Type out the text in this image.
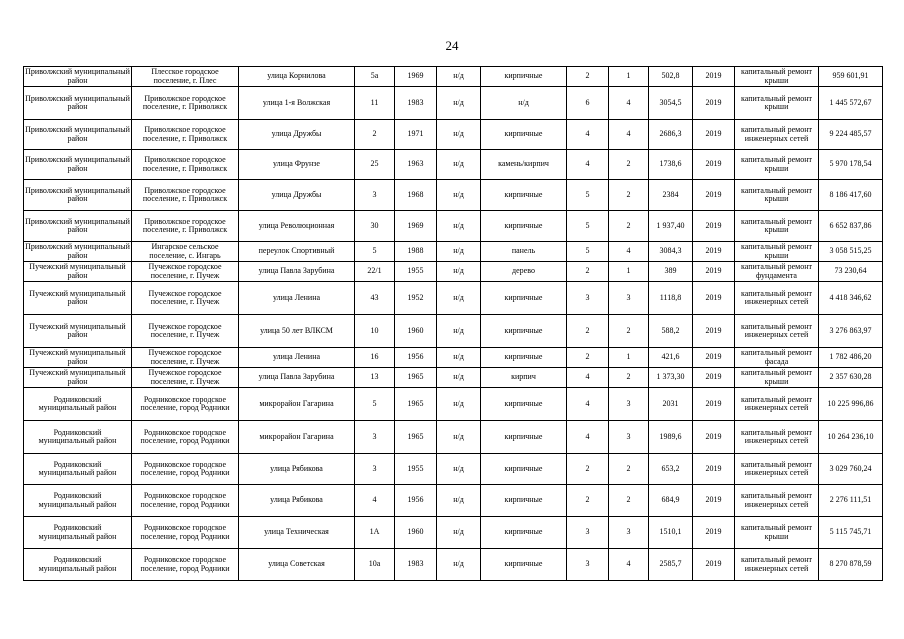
24
Приволжский муниципальный район	Плесское городское поселение, г. Плес	улица Корнилова	5а	1969	н/д	кирпичные	2	1	502,8	2019	капитальный ремонт крыши	959 601,91
Приволжский муниципальный район	Приволжское городское поселение, г. Приволжск	улица 1-я Волжская	11	1983	н/д	н/д	6	4	3054,5	2019	капитальный ремонт крыши	1 445 572,67
Приволжский муниципальный район	Приволжское городское поселение, г. Приволжск	улица Дружбы	2	1971	н/д	кирпичные	4	4	2686,3	2019	капитальный ремонт инженерных сетей	9 224 485,57
Приволжский муниципальный район	Приволжское городское поселение, г. Приволжск	улица Фрунзе	25	1963	н/д	камень/кирпич	4	2	1738,6	2019	капитальный ремонт крыши	5 970 178,54
Приволжский муниципальный район	Приволжское городское поселение, г. Приволжск	улица Дружбы	3	1968	н/д	кирпичные	5	2	2384	2019	капитальный ремонт крыши	8 186 417,60
Приволжский муниципальный район	Приволжское городское поселение, г. Приволжск	улица Революционная	30	1969	н/д	кирпичные	5	2	1 937,40	2019	капитальный ремонт крыши	6 652 837,86
Приволжский муниципальный район	Ингарское сельское поселение, с. Ингарь	переулок Спортивный	5	1988	н/д	панель	5	4	3084,3	2019	капитальный ремонт крыши	3 058 515,25
Пучежский муниципальный район	Пучежское городское поселение, г. Пучеж	улица Павла Зарубина	22/1	1955	н/д	дерево	2	1	389	2019	капитальный ремонт фундамента	73 230,64
Пучежский муниципальный район	Пучежское городское поселение, г. Пучеж	улица Ленина	43	1952	н/д	кирпичные	3	3	1118,8	2019	капитальный ремонт инженерных сетей	4 418 346,62
Пучежский муниципальный район	Пучежское городское поселение, г. Пучеж	улица 50 лет ВЛКСМ	10	1960	н/д	кирпичные	2	2	588,2	2019	капитальный ремонт инженерных сетей	3 276 863,97
Пучежский муниципальный район	Пучежское городское поселение, г. Пучеж	улица Ленина	16	1956	н/д	кирпичные	2	1	421,6	2019	капитальный ремонт фасада	1 782 486,20
Пучежский муниципальный район	Пучежское городское поселение, г. Пучеж	улица Павла Зарубина	13	1965	н/д	кирпич	4	2	1 373,30	2019	капитальный ремонт крыши	2 357 630,28
Родниковский муниципальный район	Родниковское городское поселение, город Родники	микрорайон Гагарина	5	1965	н/д	кирпичные	4	3	2031	2019	капитальный ремонт инженерных сетей	10 225 996,86
Родниковский муниципальный район	Родниковское городское поселение, город Родники	микрорайон Гагарина	3	1965	н/д	кирпичные	4	3	1989,6	2019	капитальный ремонт инженерных сетей	10 264 236,10
Родниковский муниципальный район	Родниковское городское поселение, город Родники	улица Рябикова	3	1955	н/д	кирпичные	2	2	653,2	2019	капитальный ремонт инженерных сетей	3 029 760,24
Родниковский муниципальный район	Родниковское городское поселение, город Родники	улица Рябикова	4	1956	н/д	кирпичные	2	2	684,9	2019	капитальный ремонт инженерных сетей	2 276 111,51
Родниковский муниципальный район	Родниковское городское поселение, город Родники	улица Техническая	1А	1960	н/д	кирпичные	3	3	1510,1	2019	капитальный ремонт крыши	5 115 745,71
Родниковский муниципальный район	Родниковское городское поселение, город Родники	улица Советская	10а	1983	н/д	кирпичные	3	4	2585,7	2019	капитальный ремонт инженерных сетей	8 270 878,59
